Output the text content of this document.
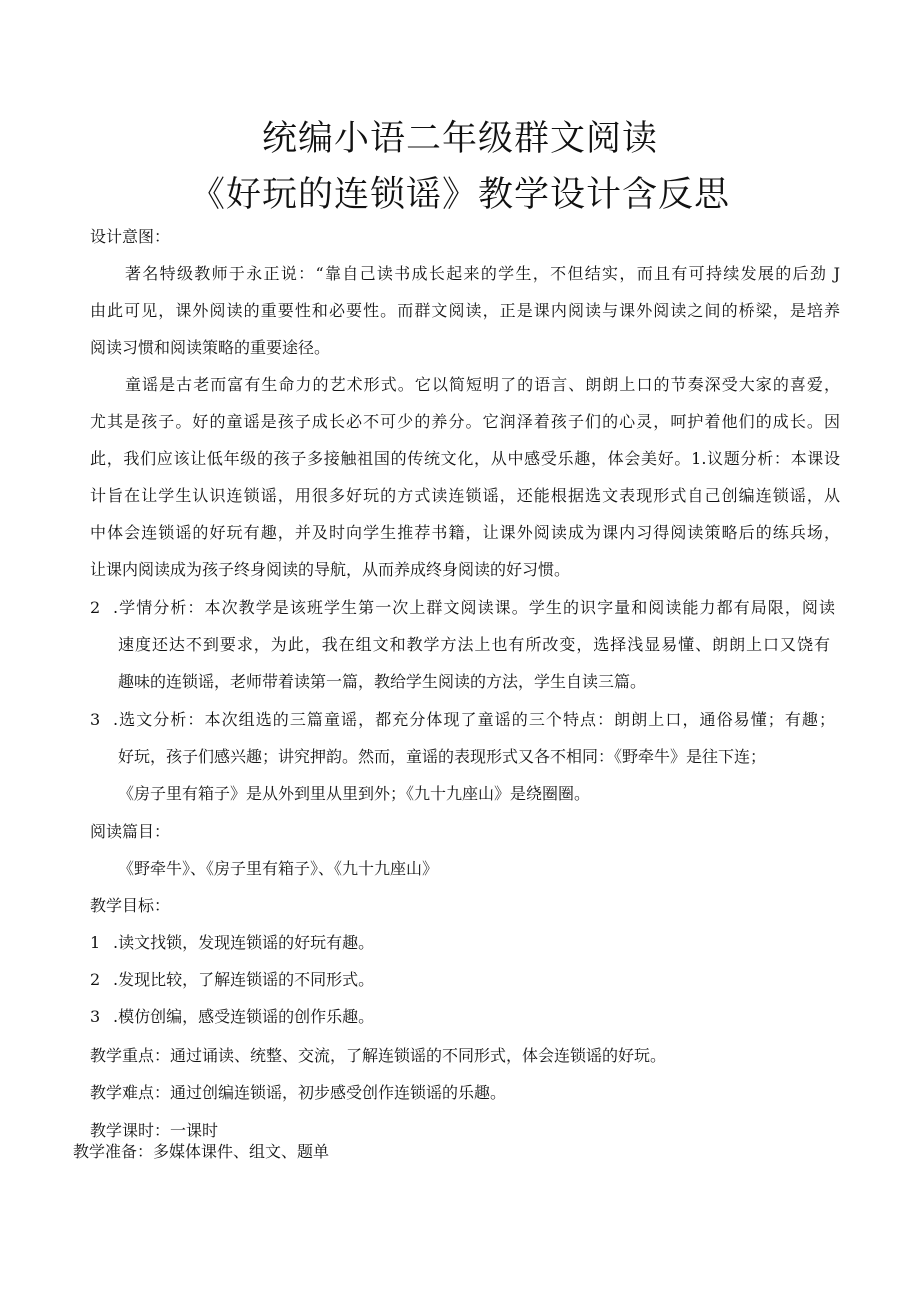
统编小语二年级群文阅读
《好玩的连锁谣》教学设计含反思
设计意图：
著名特级教师于永正说：“靠自己读书成长起来的学生，不但结实，而且有可持续发展的后劲 J
由此可见，课外阅读的重要性和必要性。而群文阅读，正是课内阅读与课外阅读之间的桥梁，是培养
阅读习惯和阅读策略的重要途径。
童谣是古老而富有生命力的艺术形式。它以简短明了的语言、朗朗上口的节奏深受大家的喜爱，
尤其是孩子。好的童谣是孩子成长必不可少的养分。它润泽着孩子们的心灵，呵护着他们的成长。因
此，我们应该让低年级的孩子多接触祖国的传统文化，从中感受乐趣，体会美好。1.议题分析：本课设
计旨在让学生认识连锁谣，用很多好玩的方式读连锁谣，还能根据选文表现形式自己创编连锁谣，从
中体会连锁谣的好玩有趣，并及时向学生推荐书籍，让课外阅读成为课内习得阅读策略后的练兵场，
让课内阅读成为孩子终身阅读的导航，从而养成终身阅读的好习惯。
2 .学情分析：本次教学是该班学生第一次上群文阅读课。学生的识字量和阅读能力都有局限，阅读
速度还达不到要求，为此，我在组文和教学方法上也有所改变，选择浅显易懂、朗朗上口又饶有
趣味的连锁谣，老师带着读第一篇，教给学生阅读的方法，学生自读三篇。
3 .选文分析：本次组选的三篇童谣，都充分体现了童谣的三个特点：朗朗上口，通俗易懂；有趣；
好玩，孩子们感兴趣；讲究押韵。然而，童谣的表现形式又各不相同：《野牵牛》是往下连；
《房子里有箱子》是从外到里从里到外；《九十九座山》是绕圈圈。
阅读篇目：
《野牵牛》、《房子里有箱子》、《九十九座山》
教学目标：
1 .读文找锁，发现连锁谣的好玩有趣。
2 .发现比较，了解连锁谣的不同形式。
3 .模仿创编，感受连锁谣的创作乐趣。
教学重点：通过诵读、统整、交流，了解连锁谣的不同形式，体会连锁谣的好玩。
教学难点：通过创编连锁谣，初步感受创作连锁谣的乐趣。
教学课时：一课时
教学准备：多媒体课件、组文、题单
